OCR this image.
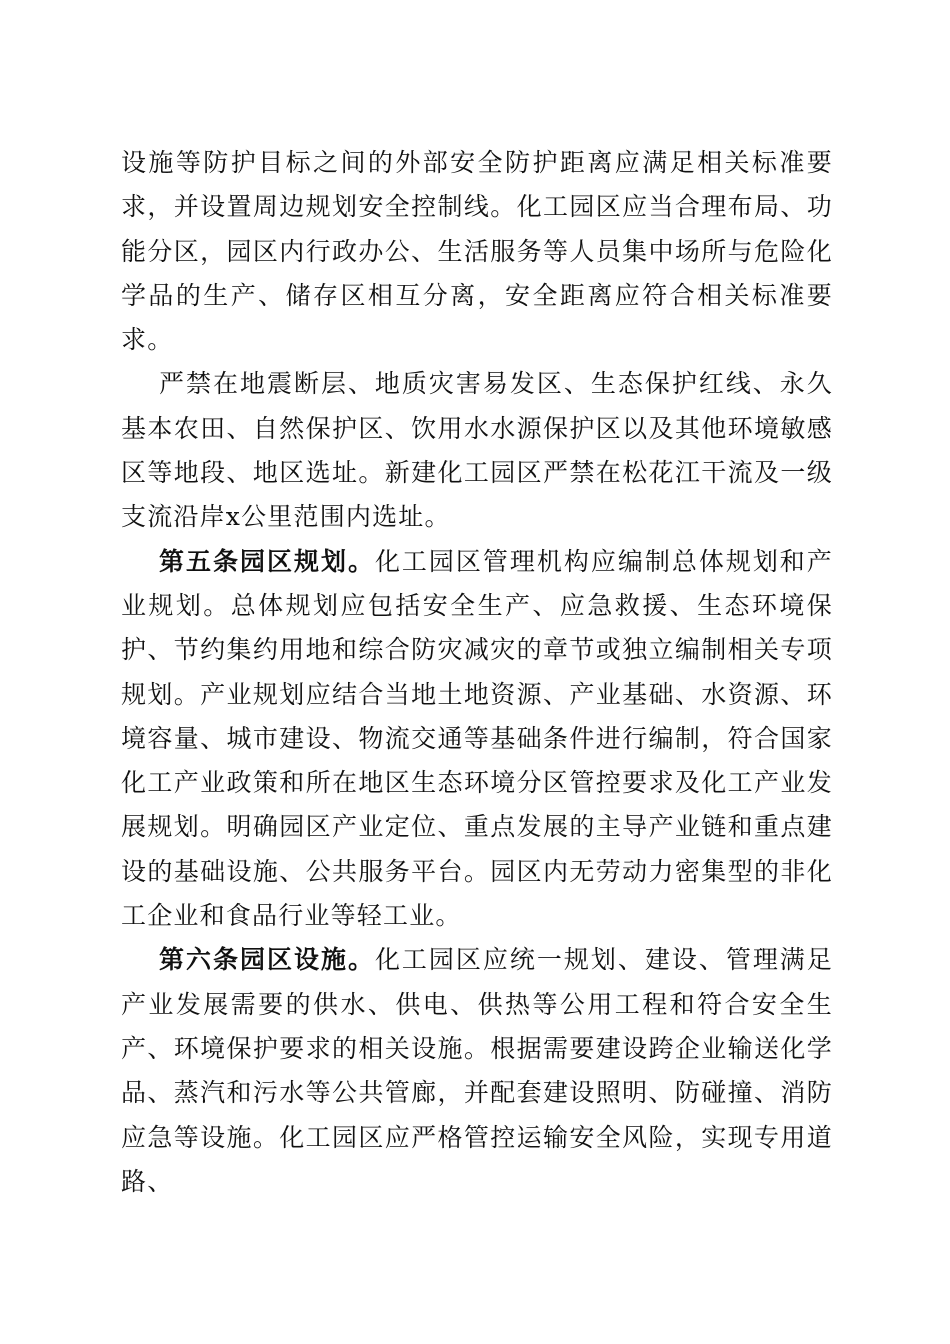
设施等防护目标之间的外部安全防护距离应满足相关标准要求，并设置周边规划安全控制线。化工园区应当合理布局、功能分区，园区内行政办公、生活服务等人员集中场所与危险化学品的生产、储存区相互分离，安全距离应符合相关标准要求。

严禁在地震断层、地质灾害易发区、生态保护红线、永久基本农田、自然保护区、饮用水水源保护区以及其他环境敏感区等地段、地区选址。新建化工园区严禁在松花江干流及一级支流沿岸x公里范围内选址。

第五条园区规划。化工园区管理机构应编制总体规划和产业规划。总体规划应包括安全生产、应急救援、生态环境保护、节约集约用地和综合防灾减灾的章节或独立编制相关专项规划。产业规划应结合当地土地资源、产业基础、水资源、环境容量、城市建设、物流交通等基础条件进行编制，符合国家化工产业政策和所在地区生态环境分区管控要求及化工产业发展规划。明确园区产业定位、重点发展的主导产业链和重点建设的基础设施、公共服务平台。园区内无劳动力密集型的非化工企业和食品行业等轻工业。

第六条园区设施。化工园区应统一规划、建设、管理满足产业发展需要的供水、供电、供热等公用工程和符合安全生产、环境保护要求的相关设施。根据需要建设跨企业输送化学品、蒸汽和污水等公共管廊，并配套建设照明、防碰撞、消防应急等设施。化工园区应严格管控运输安全风险，实现专用道路、
